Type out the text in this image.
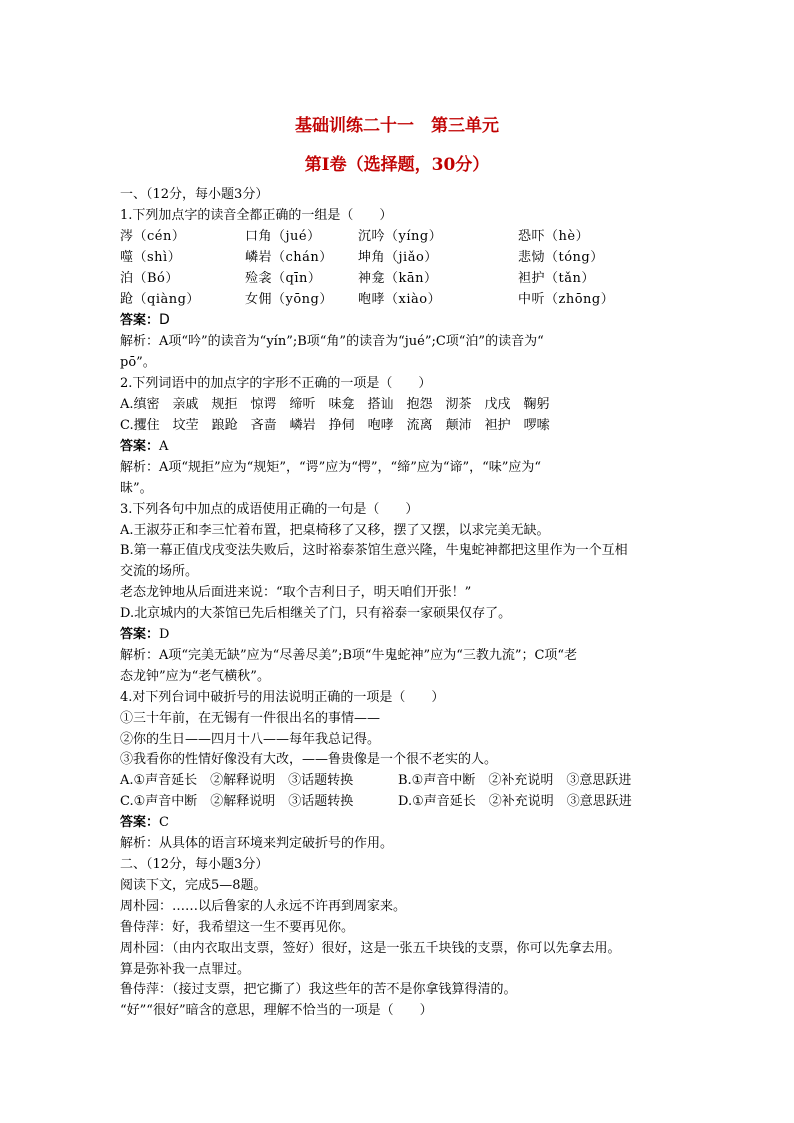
基础训练二十一　第三单元
第Ⅰ卷（选择题，30分）
一、（12分，每小题3分）
1.下列加点字的读音全都正确的一组是（　　）
涔（cén）	口角（jué）	沉吟（yíng）	恐吓（hè）
噬（shì）	嶙岩（chán）	坤角（jiǎo）	悲恸（tóng）
泊（Bó）	殓衾（qīn）	神龛（kān）	袒护（tǎn）
跄（qiàng）	女佣（yōng）	咆哮（xiào）	中听（zhōng）
答案：D
解析：A项“吟”的读音为“yín”;B项“角”的读音为“jué”;C项“泊”的读音为“
pō”。
2.下列词语中的加点字的字形不正确的一项是（　　）
A.缜密　亲戚　规拒　惊谔　缔听　味龛　搭讪　抱怨　沏茶　戊戌　鞠躬
C.攫住　坟茔　踉跄　吝啬　嶙岩　挣伺　咆哮　流离　颠沛　袒护　啰嗦
答案：A
解析：A项“规拒”应为“规矩”，“谔”应为“愕”，“缔”应为“谛”，“味”应为“
昧”。
3.下列各句中加点的成语使用正确的一句是（　　）
A.王淑芬正和李三忙着布置，把桌椅移了又移，摆了又摆，以求完美无缺。
B.第一幕正值戊戌变法失败后，这时裕泰茶馆生意兴隆，牛鬼蛇神都把这里作为一个互相
交流的场所。
老态龙钟地从后面进来说：“取个吉利日子，明天咱们开张！”
D.北京城内的大茶馆已先后相继关了门，只有裕泰一家硕果仅存了。
答案：D
解析：A项“完美无缺”应为“尽善尽美”;B项“牛鬼蛇神”应为“三教九流”；C项“老
态龙钟”应为“老气横秋”。
4.对下列台词中破折号的用法说明正确的一项是（　　）
①三十年前，在无锡有一件很出名的事情——
②你的生日——四月十八——每年我总记得。
③我看你的性情好像没有大改，——鲁贵像是一个很不老实的人。
A.①声音延长　②解释说明　③话题转换	B.①声音中断　②补充说明　③意思跃进
C.①声音中断　②解释说明　③话题转换	D.①声音延长　②补充说明　③意思跃进
答案：C
解析：从具体的语言环境来判定破折号的作用。
二、（12分，每小题3分）
阅读下文，完成5—8题。
周朴园：……以后鲁家的人永远不许再到周家来。
鲁侍萍：好，我希望这一生不要再见你。
周朴园：（由内衣取出支票，签好）很好，这是一张五千块钱的支票，你可以先拿去用。
算是弥补我一点罪过。
鲁侍萍：（接过支票，把它撕了）我这些年的苦不是你拿钱算得清的。
“好”“很好”暗含的意思，理解不恰当的一项是（　　）
